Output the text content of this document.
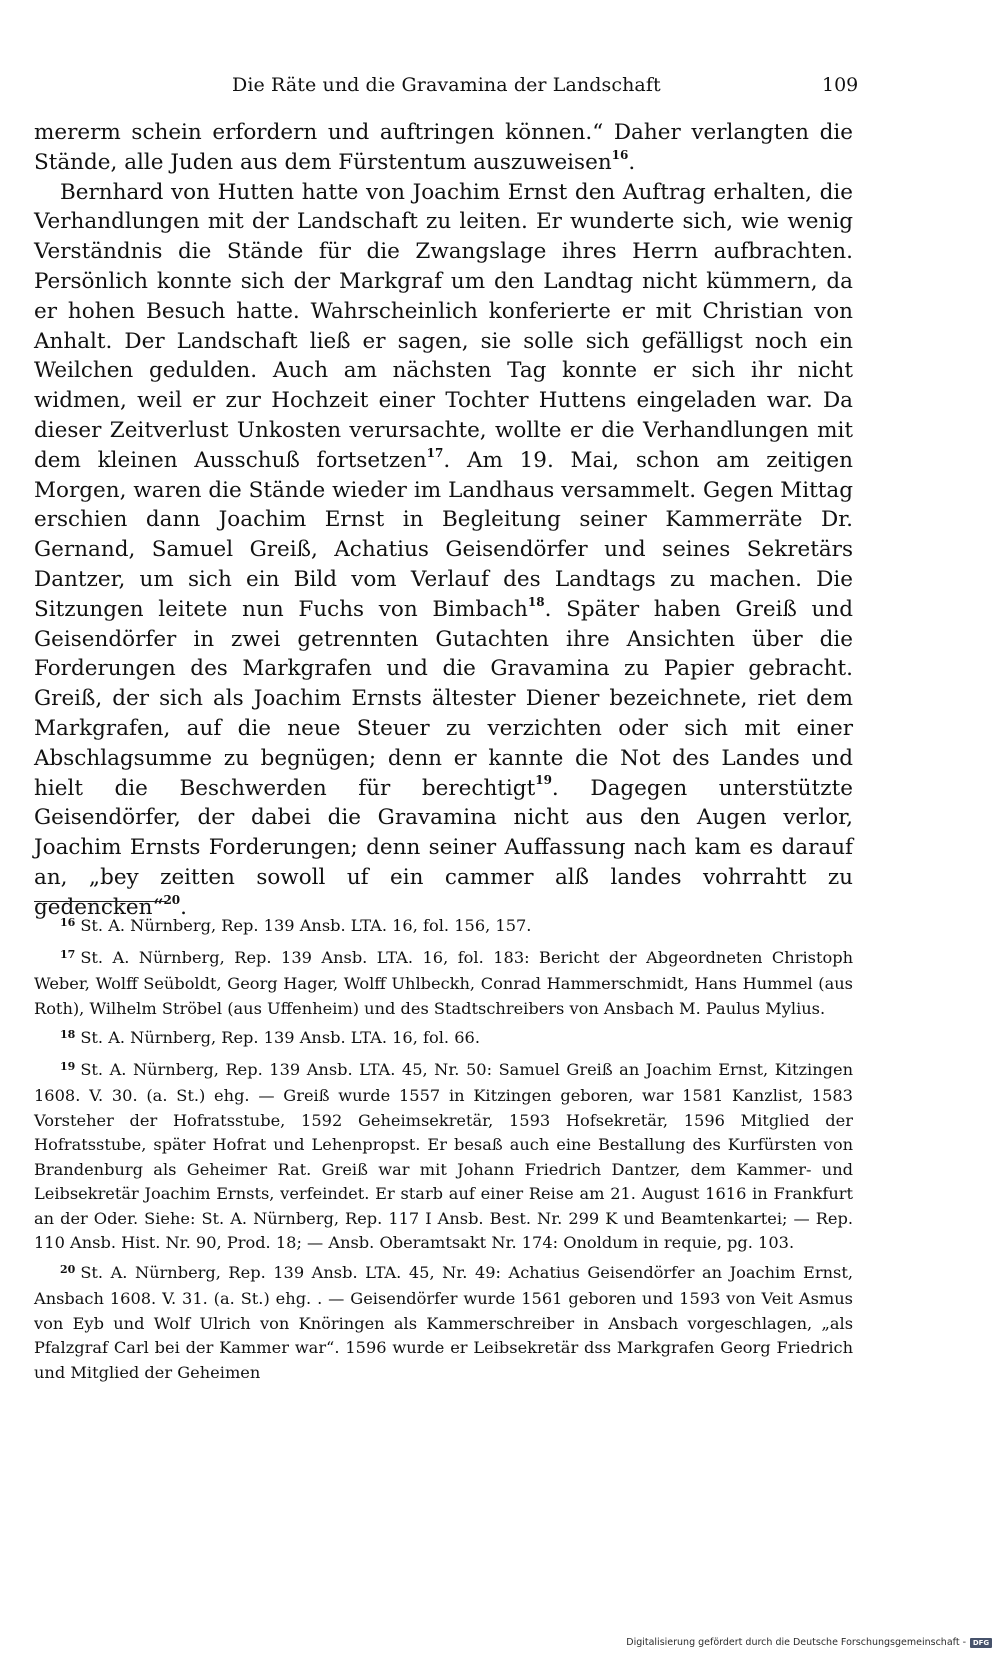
Die Räte und die Gravamina der Landschaft	109

mererm schein erfordern und auftringen können.“ Daher verlangten die Stände, alle Juden aus dem Fürstentum auszuweisen$^{16}$.

Bernhard von Hutten hatte von Joachim Ernst den Auftrag erhalten, die Verhandlungen mit der Landschaft zu leiten. Er wunderte sich, wie wenig Verständnis die Stände für die Zwangslage ihres Herrn aufbrachten. Persönlich konnte sich der Markgraf um den Landtag nicht kümmern, da er hohen Besuch hatte. Wahrscheinlich konferierte er mit Christian von Anhalt. Der Landschaft ließ er sagen, sie solle sich gefälligst noch ein Weilchen gedulden. Auch am nächsten Tag konnte er sich ihr nicht widmen, weil er zur Hochzeit einer Tochter Huttens eingeladen war. Da dieser Zeitverlust Unkosten verursachte, wollte er die Verhandlungen mit dem kleinen Ausschuß fortsetzen$^{17}$. Am 19. Mai, schon am zeitigen Morgen, waren die Stände wieder im Landhaus versammelt. Gegen Mittag erschien dann Joachim Ernst in Begleitung seiner Kammerräte Dr. Gernand, Samuel Greiß, Achatius Geisendörfer und seines Sekretärs Dantzer, um sich ein Bild vom Verlauf des Landtags zu machen. Die Sitzungen leitete nun Fuchs von Bimbach$^{18}$. Später haben Greiß und Geisendörfer in zwei getrennten Gutachten ihre Ansichten über die Forderungen des Markgrafen und die Gravamina zu Papier gebracht. Greiß, der sich als Joachim Ernsts ältester Diener bezeichnete, riet dem Markgrafen, auf die neue Steuer zu verzichten oder sich mit einer Abschlagsumme zu begnügen; denn er kannte die Not des Landes und hielt die Beschwerden für berechtigt$^{19}$. Dagegen unterstützte Geisendörfer, der dabei die Gravamina nicht aus den Augen verlor, Joachim Ernsts Forderungen; denn seiner Auffassung nach kam es darauf an, „bey zeitten sowoll uf ein cammer alß landes vohrrahtt zu gedencken“$^{20}$.

$^{16}$ St. A. Nürnberg, Rep. 139 Ansb. LTA. 16, fol. 156, 157.

$^{17}$ St. A. Nürnberg, Rep. 139 Ansb. LTA. 16, fol. 183: Bericht der Abgeordneten Christoph Weber, Wolff Seüboldt, Georg Hager, Wolff Uhlbeckh, Conrad Hammerschmidt, Hans Hummel (aus Roth), Wilhelm Ströbel (aus Uffenheim) und des Stadtschreibers von Ansbach M. Paulus Mylius.

$^{18}$ St. A. Nürnberg, Rep. 139 Ansb. LTA. 16, fol. 66.

$^{19}$ St. A. Nürnberg, Rep. 139 Ansb. LTA. 45, Nr. 50: Samuel Greiß an Joachim Ernst, Kitzingen 1608. V. 30. (a. St.) ehg. — Greiß wurde 1557 in Kitzingen geboren, war 1581 Kanzlist, 1583 Vorsteher der Hofratsstube, 1592 Geheimsekretär, 1593 Hofsekretär, 1596 Mitglied der Hofratsstube, später Hofrat und Lehenpropst. Er besaß auch eine Bestallung des Kurfürsten von Brandenburg als Geheimer Rat. Greiß war mit Johann Friedrich Dantzer, dem Kammer- und Leibsekretär Joachim Ernsts, verfeindet. Er starb auf einer Reise am 21. August 1616 in Frankfurt an der Oder. Siehe: St. A. Nürnberg, Rep. 117 I Ansb. Best. Nr. 299 K und Beamtenkartei; — Rep. 110 Ansb. Hist. Nr. 90, Prod. 18; — Ansb. Oberamtsakt Nr. 174: Onoldum in requie, pg. 103.

$^{20}$ St. A. Nürnberg, Rep. 139 Ansb. LTA. 45, Nr. 49: Achatius Geisendörfer an Joachim Ernst, Ansbach 1608. V. 31. (a. St.) ehg. . — Geisendörfer wurde 1561 geboren und 1593 von Veit Asmus von Eyb und Wolf Ulrich von Knöringen als Kammerschreiber in Ansbach vorgeschlagen, „als Pfalzgraf Carl bei der Kammer war“. 1596 wurde er Leibsekretär dss Markgrafen Georg Friedrich und Mitglied der Geheimen

Digitalisierung gefördert durch die Deutsche Forschungsgemeinschaft - DFG
